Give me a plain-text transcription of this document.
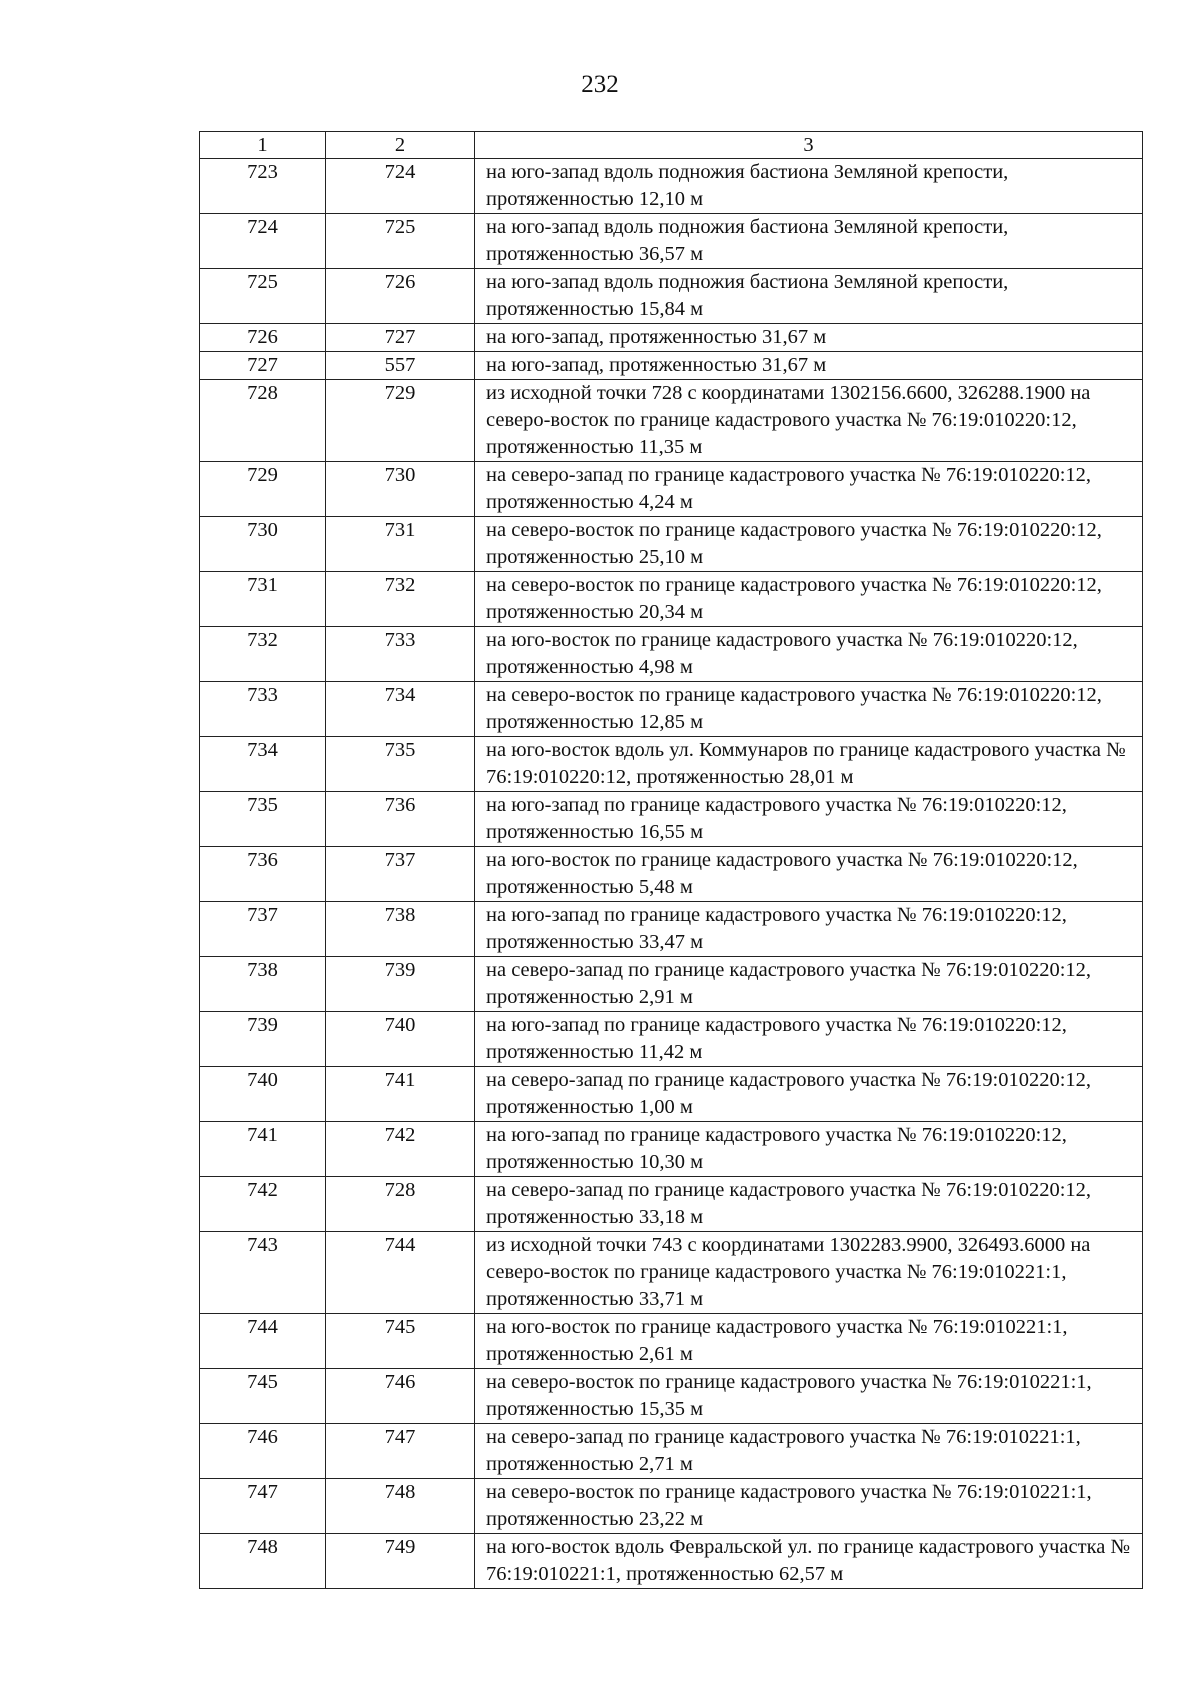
232
1	2	3
723	724	на юго-запад вдоль подножия бастиона Земляной крепости, протяженностью 12,10 м
724	725	на юго-запад вдоль подножия бастиона Земляной крепости, протяженностью 36,57 м
725	726	на юго-запад вдоль подножия бастиона Земляной крепости, протяженностью 15,84 м
726	727	на юго-запад, протяженностью 31,67 м
727	557	на юго-запад, протяженностью 31,67 м
728	729	из исходной точки 728 с координатами 1302156.6600, 326288.1900 на северо-восток по границе кадастрового участка № 76:19:010220:12, протяженностью 11,35 м
729	730	на северо-запад по границе кадастрового участка № 76:19:010220:12, протяженностью 4,24 м
730	731	на северо-восток по границе кадастрового участка № 76:19:010220:12, протяженностью 25,10 м
731	732	на северо-восток по границе кадастрового участка № 76:19:010220:12, протяженностью 20,34 м
732	733	на юго-восток по границе кадастрового участка № 76:19:010220:12, протяженностью 4,98 м
733	734	на северо-восток по границе кадастрового участка № 76:19:010220:12, протяженностью 12,85 м
734	735	на юго-восток вдоль ул. Коммунаров по границе кадастрового участка № 76:19:010220:12, протяженностью 28,01 м
735	736	на юго-запад по границе кадастрового участка № 76:19:010220:12, протяженностью 16,55 м
736	737	на юго-восток по границе кадастрового участка № 76:19:010220:12, протяженностью 5,48 м
737	738	на юго-запад по границе кадастрового участка № 76:19:010220:12, протяженностью 33,47 м
738	739	на северо-запад по границе кадастрового участка № 76:19:010220:12, протяженностью 2,91 м
739	740	на юго-запад по границе кадастрового участка № 76:19:010220:12, протяженностью 11,42 м
740	741	на северо-запад по границе кадастрового участка № 76:19:010220:12, протяженностью 1,00 м
741	742	на юго-запад по границе кадастрового участка № 76:19:010220:12, протяженностью 10,30 м
742	728	на северо-запад по границе кадастрового участка № 76:19:010220:12, протяженностью 33,18 м
743	744	из исходной точки 743 с координатами 1302283.9900, 326493.6000 на северо-восток по границе кадастрового участка № 76:19:010221:1, протяженностью 33,71 м
744	745	на юго-восток по границе кадастрового участка № 76:19:010221:1, протяженностью 2,61 м
745	746	на северо-восток по границе кадастрового участка № 76:19:010221:1, протяженностью 15,35 м
746	747	на северо-запад по границе кадастрового участка № 76:19:010221:1, протяженностью 2,71 м
747	748	на северо-восток по границе кадастрового участка № 76:19:010221:1, протяженностью 23,22 м
748	749	на юго-восток вдоль Февральской ул. по границе кадастрового участка № 76:19:010221:1, протяженностью 62,57 м
